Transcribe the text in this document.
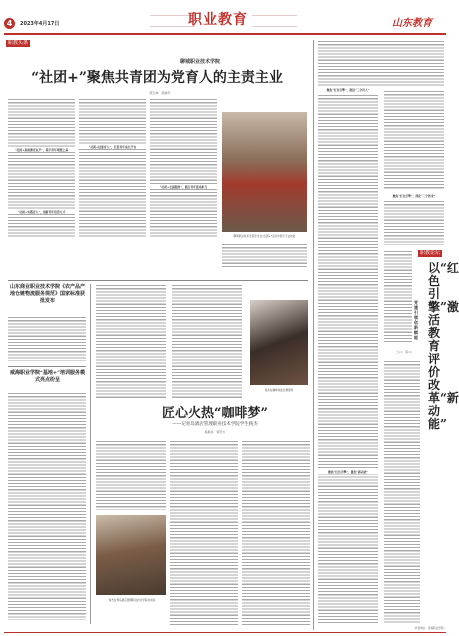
4	2023年4月17日	职业教育	山东教育
职教头条
聊城职业技术学院
“社团+”聚焦共青团为党育人的主责主业
郭玉林　陈晓平
“社团+思政教育双平”，筑牢青年理想之基
“社团+实践育人”，创新青年培养方式
“社团+技能育人”，打造青年成长平台
“社团+志愿服务”，践行青年使命担当
聊城职业技术学院学生在“社团+”活动中展示专业技能
山东商业职业技术学院《农产品产地仓链物流服务规范》国家标准获批发布
威海职业学院“基地+”培训服务模式亮点纷呈
杨杰在咖啡技能比赛现场
匠心火热“咖啡梦”
——记青岛酒店管理职业技术学院学生杨杰
杨振华　郭代力
杨杰在青岛酒店管理职业技术学院实训室
聚焦“红色引擎”，推进“三全育人”
聚焦“红色引擎”，激发“新动能”
聚焦“红色引擎”，深化“三个转变”
职教论坛
以“红色引擎”激活教育评价改革“新动能”
党建引领　创新赋能
王××　陈××
（作者单位：济南职业学院）
